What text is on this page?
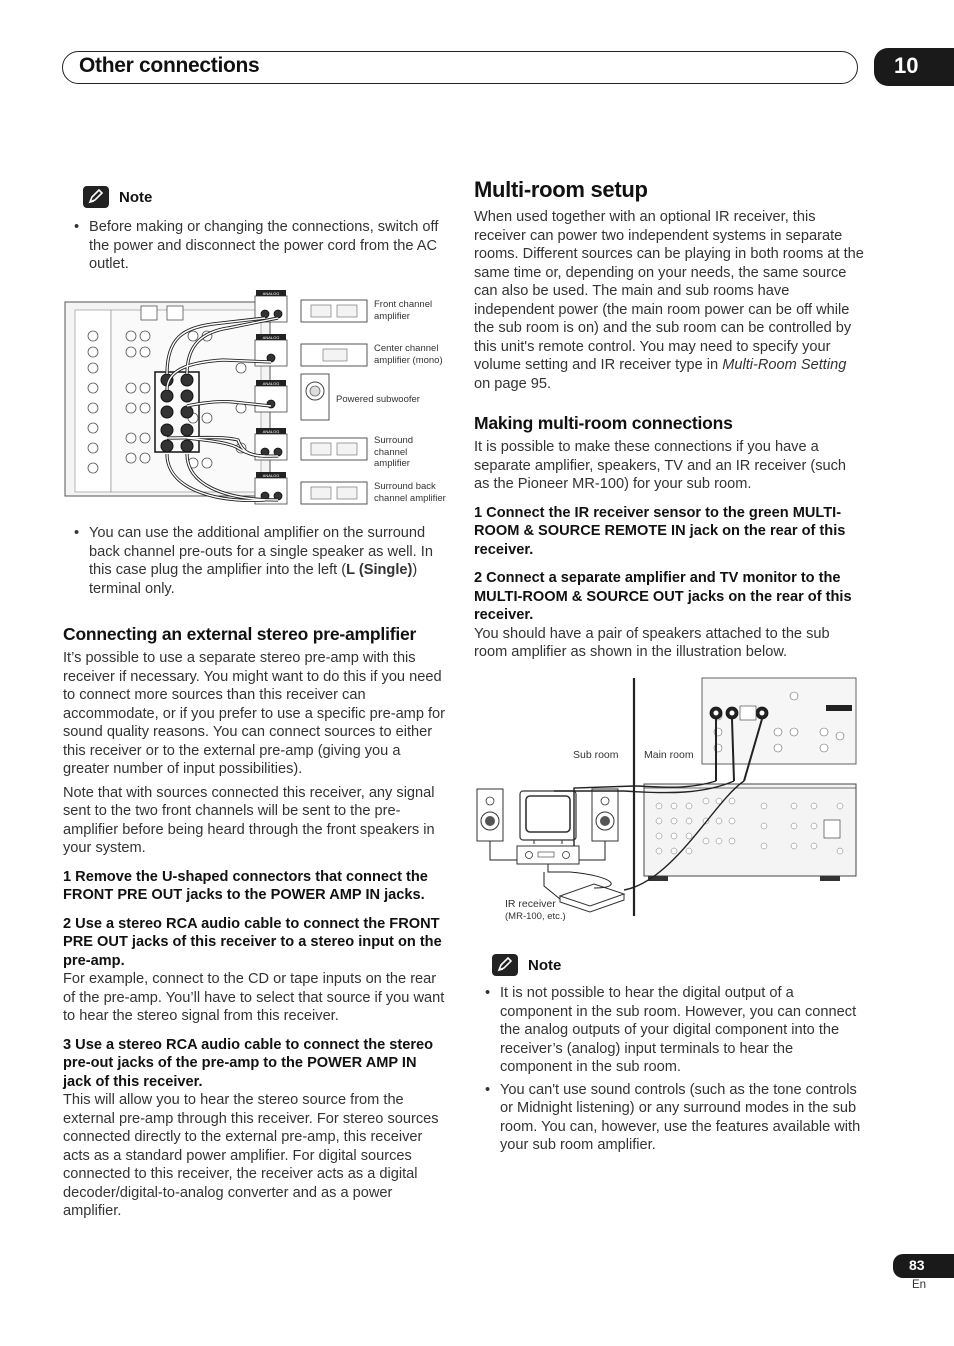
Other connections	10
Note
• Before making or changing the connections, switch off the power and disconnect the power cord from the AC outlet.
ANALOG
ANALOG
ANALOG
ANALOG
ANALOG
Front channel amplifier
Center channel amplifier (mono)
Powered subwoofer
Surround channel amplifier
Surround back channel amplifier
• You can use the additional amplifier on the surround back channel pre-outs for a single speaker as well. In this case plug the amplifier into the left (L (Single)) terminal only.
Connecting an external stereo pre-amplifier

It’s possible to use a separate stereo pre-amp with this receiver if necessary. You might want to do this if you need to connect more sources than this receiver can accommodate, or if you prefer to use a specific pre-amp for sound quality reasons. You can connect sources to either this receiver or to the external pre-amp (giving you a greater number of input possibilities).

Note that with sources connected this receiver, any signal sent to the two front channels will be sent to the pre-amplifier before being heard through the front speakers in your system.

1 Remove the U-shaped connectors that connect the FRONT PRE OUT jacks to the POWER AMP IN jacks.
2 Use a stereo RCA audio cable to connect the FRONT PRE OUT jacks of this receiver to a stereo input on the pre-amp.
For example, connect to the CD or tape inputs on the rear of the pre-amp. You’ll have to select that source if you want to hear the stereo signal from this receiver.
3 Use a stereo RCA audio cable to connect the stereo pre-out jacks of the pre-amp to the POWER AMP IN jack of this receiver.
This will allow you to hear the stereo source from the external pre-amp through this receiver. For stereo sources connected directly to the external pre-amp, this receiver acts as a standard power amplifier. For digital sources connected to this receiver, the receiver acts as a digital decoder/digital-to-analog converter and as a power amplifier.
Multi-room setup

When used together with an optional IR receiver, this receiver can power two independent systems in separate rooms. Different sources can be playing in both rooms at the same time or, depending on your needs, the same source can also be used. The main and sub rooms have independent power (the main room power can be off while the sub room is on) and the sub room can be controlled by this unit's remote control. You may need to specify your volume setting and IR receiver type in Multi-Room Setting on page 95.

Making multi-room connections

It is possible to make these connections if you have a separate amplifier, speakers, TV and an IR receiver (such as the Pioneer MR-100) for your sub room.

1 Connect the IR receiver sensor to the green MULTI-ROOM & SOURCE REMOTE IN jack on the rear of this receiver.
2 Connect a separate amplifier and TV monitor to the MULTI-ROOM & SOURCE OUT jacks on the rear of this receiver.
You should have a pair of speakers attached to the sub room amplifier as shown in the illustration below.
Sub room Main room
IR receiver
(MR-100, etc.)
Note
• It is not possible to hear the digital output of a component in the sub room. However, you can connect the analog outputs of your digital component into the receiver’s (analog) input terminals to hear the component in the sub room.
• You can't use sound controls (such as the tone controls or Midnight listening) or any surround modes in the sub room. You can, however, use the features available with your sub room amplifier.
83
En
